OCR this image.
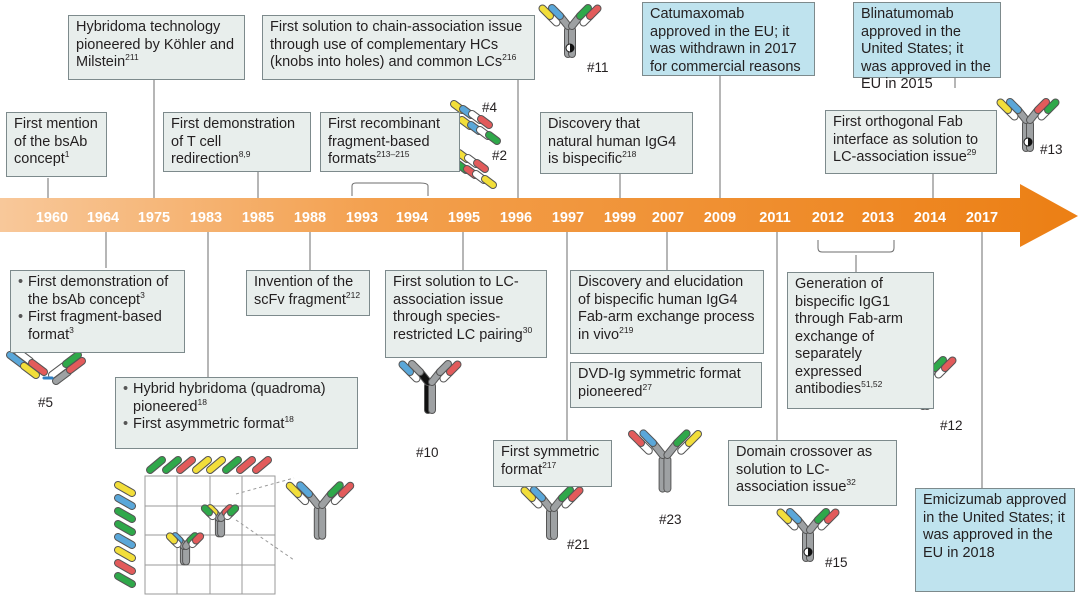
1960	1964	1975	1983	1985	1988	1993	1994	1995	1996	1997	1999	2007	2009	2011	2012	2013	2014	2017
First mention of the bsAb concept$^1$
Hybridoma technology pioneered by Köhler and Milstein$^{211}$
First demonstration of T cell redirection$^{8,9}$
First recombinant fragment-based formats$^{213-215}$
First solution to chain-association issue through use of complementary HCs (knobs into holes) and common LCs$^{216}$
Discovery that natural human IgG4 is bispecific$^{218}$
Catumaxomab approved in the EU; it was withdrawn in 2017 for commercial reasons
Blinatumomab approved in the United States; it was approved in the EU in 2015
First orthogonal Fab interface as solution to LC-association issue$^{29}$
• First demonstration of the bsAb concept$^3$
• First fragment-based format$^3$
• Hybrid hybridoma (quadroma) pioneered$^{18}$
• First asymmetric format$^{18}$
Invention of the scFv fragment$^{212}$
First solution to LC-association issue through species-restricted LC pairing$^{30}$
First symmetric format$^{217}$
Discovery and elucidation of bispecific human IgG4 Fab-arm exchange process in vivo$^{219}$
DVD-Ig symmetric format pioneered$^{27}$
Domain crossover as solution to LC-association issue$^{32}$
Generation of bispecific IgG1 through Fab-arm exchange of separately expressed antibodies$^{51,52}$
Emicizumab approved in the United States; it was approved in the EU in 2018
#5
#10
#21
#23
#15
#12
#11
#4
#2	#13
